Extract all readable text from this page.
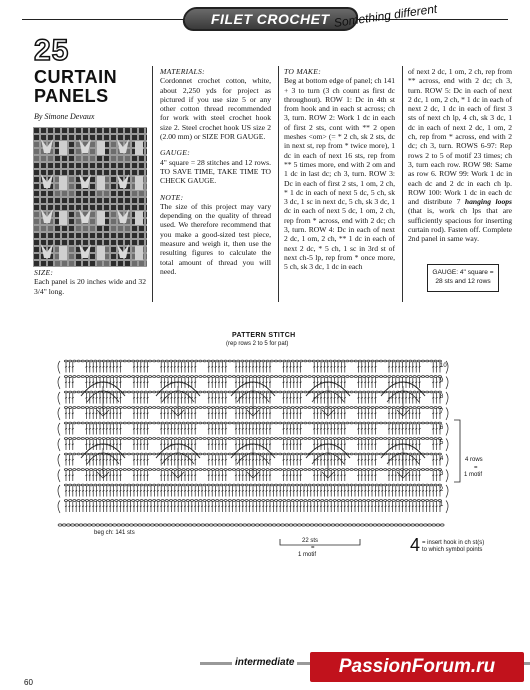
FILET CROCHET Something different
25
CURTAIN PANELS
By Simone Devaux
SIZE:
Each panel is 20 inches wide and 32 3/4" long.
MATERIALS:
Cordonnet crochet cotton, white, about 2,250 yds for project as pictured if you use size 5 or any other cotton thread recommended for work with steel crochet hook size 2. Steel crochet hook US size 2 (2.00 mm) or SIZE FOR GAUGE.
GAUGE:
4" square = 28 stitches and 12 rows. TO SAVE TIME, TAKE TIME TO CHECK GAUGE.
NOTE:
The size of this project may vary depending on the quality of thread used. We therefore recommend that you make a good-sized test piece, measure and weigh it, then use the resulting figures to calculate the total amount of thread you will need.
TO MAKE:
Beg at bottom edge of panel; ch 141 + 3 to turn (3 ch count as first dc throughout). ROW 1: Dc in 4th st from hook and in each st across; ch 3, turn. ROW 2: Work 1 dc in each of first 2 sts, cont with ** 2 open meshes <om> (= * 2 ch, sk 2 sts, dc in next st, rep from * twice more), 1 dc in each of next 16 sts, rep from ** 5 times more, end with 2 om and 1 dc in last dc; ch 3, turn. ROW 3: Dc in each of first 2 sts, 1 om, 2 ch, * 1 dc in each of next 5 dc, 5 ch, sk 3 dc, 1 sc in next dc, 5 ch, sk 3 dc, 1 dc in each of next 5 dc, 1 om, 2 ch, rep from * across, end with 2 dc; ch 3, turn. ROW 4: Dc in each of next 2 dc, 1 om, 2 ch, ** 1 dc in each of next 2 dc, * 5 ch, 1 sc in 3rd st of next ch-5 lp, rep from * once more, 5 ch, sk 3 dc, 1 dc in each
of next 2 dc, 1 om, 2 ch, rep from ** across, end with 2 dc; ch 3, turn. ROW 5: Dc in each of next 2 dc, 1 om, 2 ch, * 1 dc in each of next 2 dc, 1 dc in each of first 3 sts of next ch lp, 4 ch, sk 3 dc, 1 dc in each of next 2 dc, 1 om, 2 ch, rep from * across, end with 2 dc; ch 3, turn. ROWS 6-97: Rep rows 2 to 5 of motif 23 times; ch 3, turn each row. ROW 98: Same as row 6. ROW 99: Work 1 dc in each dc and 2 dc in each ch lp. ROW 100: Work 1 dc in each dc and distribute 7 hanging loops (that is, work ch lps that are sufficiently spacious for inserting curtain rod). Fasten off. Complete 2nd panel in same way.
GAUGE: 4" square =
28 sts and 12 rows
PATTERN STITCH
(rep rows 2 to 5 for pat)
beg ch: 141 sts
22 sts
=
1 motif
4 rows
=
1 motif
4 = insert hook in ch st(s)
to which symbol points
10
9
8
7
6
5
4
3
2
1
intermediate
60
PassionForum.ru
